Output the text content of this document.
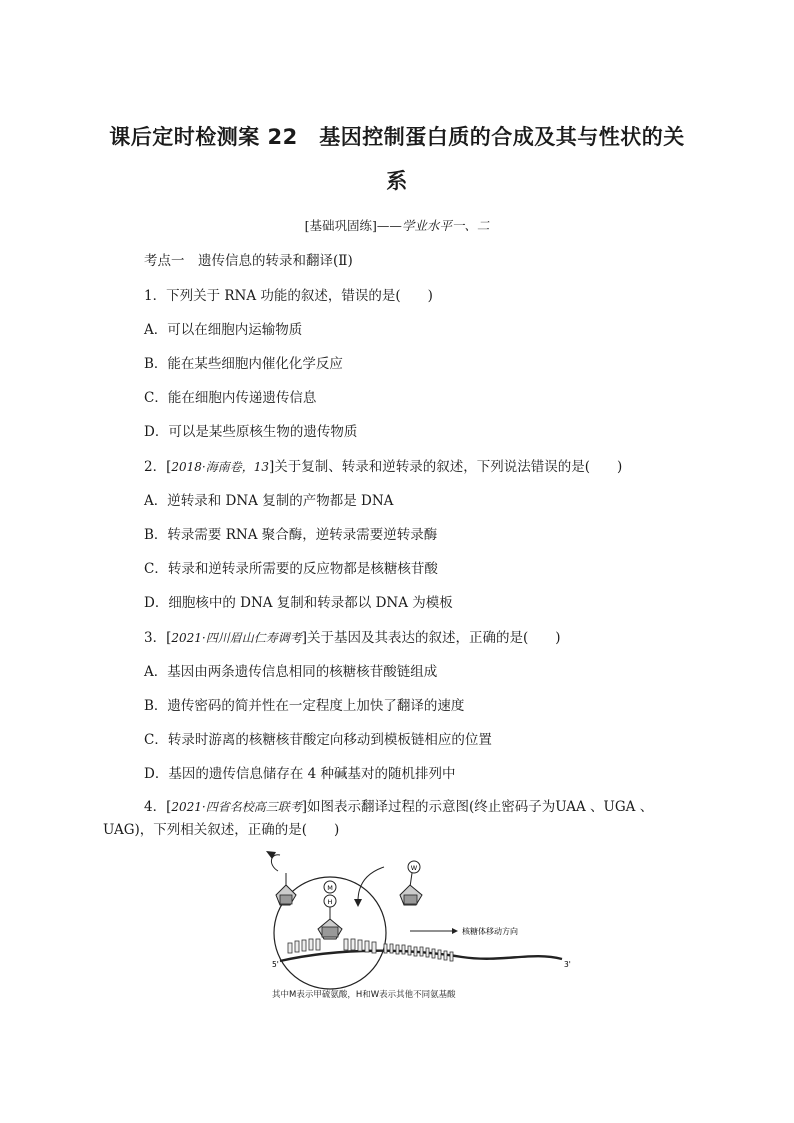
课后定时检测案 22　基因控制蛋白质的合成及其与性状的关
系
[基础巩固练]——学业水平一、二
考点一　遗传信息的转录和翻译(Ⅱ)
1．下列关于 RNA 功能的叙述，错误的是(　　)
A．可以在细胞内运输物质
B．能在某些细胞内催化化学反应
C．能在细胞内传递遗传信息
D．可以是某些原核生物的遗传物质
2．[2018·海南卷，13]关于复制、转录和逆转录的叙述，下列说法错误的是(　　)
A．逆转录和 DNA 复制的产物都是 DNA
B．转录需要 RNA 聚合酶，逆转录需要逆转录酶
C．转录和逆转录所需要的反应物都是核糖核苷酸
D．细胞核中的 DNA 复制和转录都以 DNA 为模板
3．[2021·四川眉山仁寿调考]关于基因及其表达的叙述，正确的是(　　)
A．基因由两条遗传信息相同的核糖核苷酸链组成
B．遗传密码的简并性在一定程度上加快了翻译的速度
C．转录时游离的核糖核苷酸定向移动到模板链相应的位置
D．基因的遗传信息储存在 4 种碱基对的随机排列中
4．[2021·四省名校高三联考]如图表示翻译过程的示意图(终止密码子为UAA 、UGA 、UAG)，下列相关叙述，正确的是(　　)
M
H
W
核糖体移动方向
5'	3'
其中M表示甲硫氨酸，H和W表示其他不同氨基酸
